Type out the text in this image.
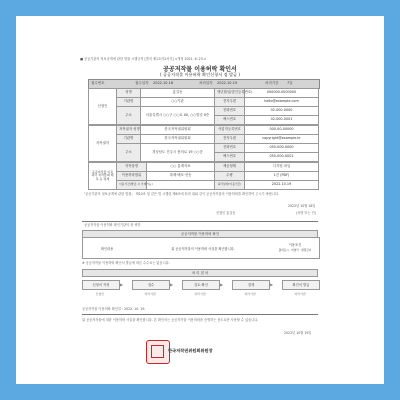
■ 공공기관의 정보공개에 관한 법률 시행규칙 [별지 제1호의2서식] <개정 2021. 6. 23.>
공공저작물 이용허락 확인서
( 공공저작물 이용허락 확인신청서 겸 발급 )
접수번호	접수일자 2022.10.18	처리일자 2022.10.19	처리기간 7일
신청인	성명	홍길동	생년월일(법인등록번호)	000000-0000000
	기관명	○○기관	전자우편	hello@example.com
	주소	서울특별시 ○○구 ○○로 00, ○○빌딩 0층	전화번호	02-000-0000
			팩스번호	02-000-0001
저작권자	저작권자 성명	한국저작권위원회	사업자등록번호	000-00-00000
	기관명	한국저작권위원회	전자우편	copyright@example.kr
	주소	경상남도 진주시 충의로 19 ○○층	전화번호	055-000-0000
			팩스번호	055-000-0001
공공저작물 이용허락 저작물의 제목 등 명세	저작물명	○○ 통계자료	제공형태	디지털 파일
	이용허락범위	복제·배포·전송	수량	1건 (PDF)
	이용기간(발급 시 기재가능)		허락일자(이용기간)	2022.10.19
「공공기관의 정보공개에 관한 법률」 제10조 및 같은 법 시행령 제6조에 따라 위와 같이 공공저작물의 이용허락을 확인하여 주시기 바랍니다.
2022년 10월 18일
신청인 홍길동	(서명 또는 인)
공공저작물 이용허락 확인기관의 장 귀하
공공저작물 이용허락 확인
확인내용	위 공공저작물의 이용허락 사실을 확인합니다.
이용조건
출처표시 · 비영리 · 변경금지
※ 공공저작물 이용허락 확인서 발급에 따른 수수료는 없습니다.
처 리 절 차
신청서 작성	▶	접수	▶	검토·확인	▶	결재	▶	확인서 발급
신청인	처리기관	처리기관	처리기관	처리기관
공공저작물 이용허락 확인일 : 2022. 10. 19.
위 공공저작물에 대한 이용허락 사실을 확인합니다. 본 확인서는 공공저작물 이용허락을 증명하는 용도로만 사용할 수 있습니다.
2022년 10월 19일
한국저작권위원회위원장
